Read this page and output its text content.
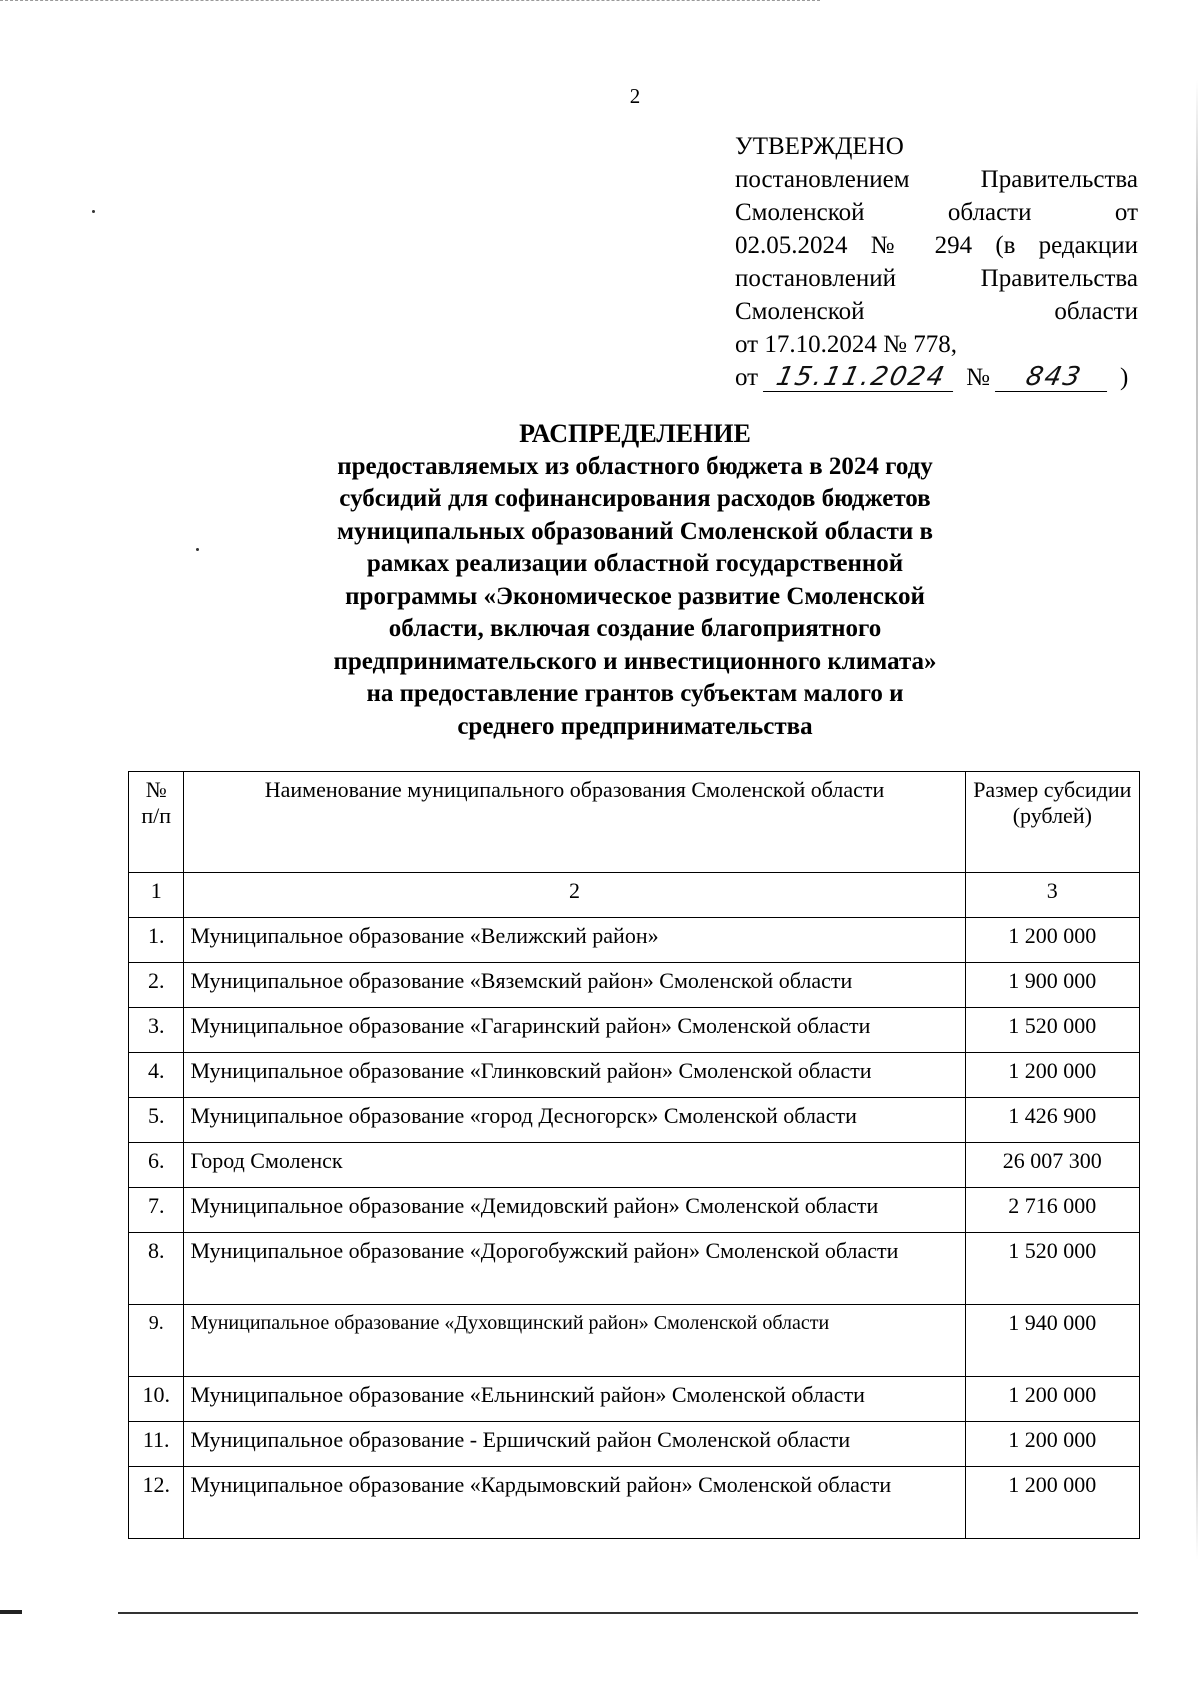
2
УТВЕРЖДЕНО
постановлением Правительства
Смоленской области от
02.05.2024 № 294 (в редакции
постановлений Правительства
Смоленской области
от 17.10.2024 № 778,
от 15.11.2024 №	843	)
РАСПРЕДЕЛЕНИЕ
предоставляемых из областного бюджета в 2024 году
субсидий для софинансирования расходов бюджетов
муниципальных образований Смоленской области в
рамках реализации областной государственной
программы «Экономическое развитие Смоленской
области, включая создание благоприятного
предпринимательского и инвестиционного климата»
на предоставление грантов субъектам малого и
среднего предпринимательства
№ п/п	Наименование муниципального образования Смоленской области	Размер субсидии (рублей)
1	2	3
1.	Муниципальное образование «Велижский район»	1 200 000
2.	Муниципальное образование «Вяземский район» Смоленской области	1 900 000
3.	Муниципальное образование «Гагаринский район» Смоленской области	1 520 000
4.	Муниципальное образование «Глинковский район» Смоленской области	1 200 000
5.	Муниципальное образование «город Десногорск» Смоленской области	1 426 900
6.	Город Смоленск	26 007 300
7.	Муниципальное образование «Демидовский район» Смоленской области	2 716 000
8.	Муниципальное образование «Дорогобужский район» Смоленской области	1 520 000
9.	Муниципальное образование «Духовщинский район» Смоленской области	1 940 000
10.	Муниципальное образование «Ельнинский район» Смоленской области	1 200 000
11.	Муниципальное образование - Ершичский район Смоленской области	1 200 000
12.	Муниципальное образование «Кардымовский район» Смоленской области	1 200 000
